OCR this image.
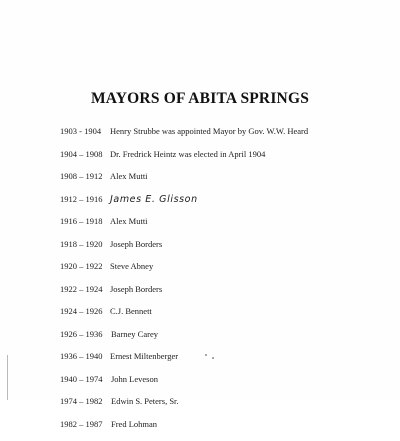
MAYORS OF ABITA SPRINGS
1903 - 1904	Henry Strubbe was appointed Mayor by Gov. W.W. Heard
1904 – 1908 Dr. Fredrick Heintz was elected in April 1904
1908 – 1912 Alex Mutti
1912 – 1916 James E. Glisson
1916 – 1918 Alex Mutti
1918 – 1920 Joseph Borders
1920 – 1922 Steve Abney
1922 – 1924 Joseph Borders
1924 – 1926 C.J. Bennett
1926 – 1936	Barney Carey
1936 – 1940 Ernest Miltenberger
1940 – 1974	John Leveson
1974 – 1982	Edwin S. Peters, Sr.
1982 – 1987	Fred Lohman
